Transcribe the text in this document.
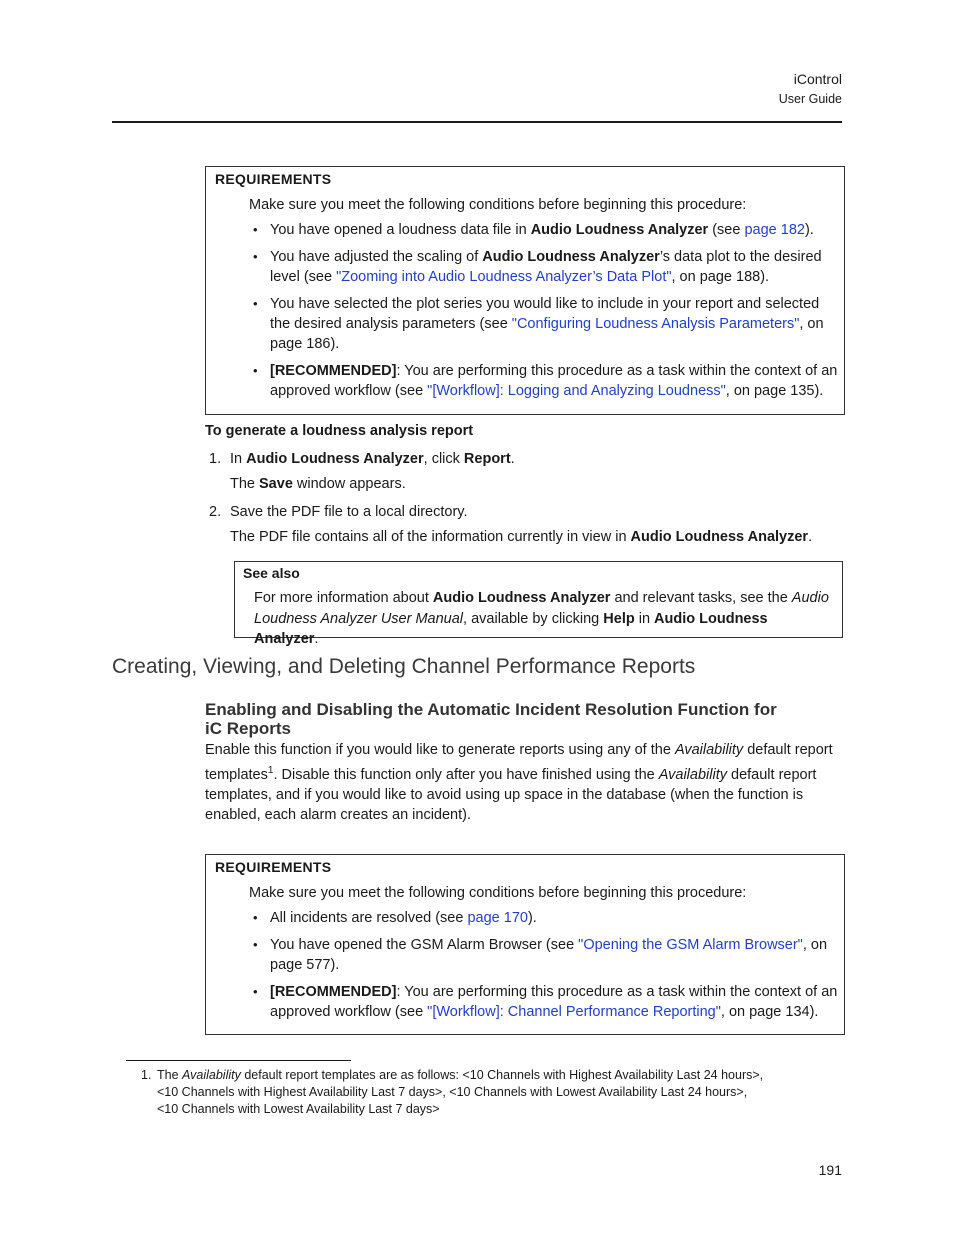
iControl
User Guide
REQUIREMENTS
Make sure you meet the following conditions before beginning this procedure:
• You have opened a loudness data file in Audio Loudness Analyzer (see page 182).
• You have adjusted the scaling of Audio Loudness Analyzer’s data plot to the desired level (see "Zooming into Audio Loudness Analyzer’s Data Plot", on page 188).
• You have selected the plot series you would like to include in your report and selected the desired analysis parameters (see "Configuring Loudness Analysis Parameters", on page 186).
• [RECOMMENDED]: You are performing this procedure as a task within the context of an approved workflow (see "[Workflow]: Logging and Analyzing Loudness", on page 135).
To generate a loudness analysis report
1. In Audio Loudness Analyzer, click Report.
The Save window appears.
2. Save the PDF file to a local directory.
The PDF file contains all of the information currently in view in Audio Loudness Analyzer.
See also
For more information about Audio Loudness Analyzer and relevant tasks, see the Audio Loudness Analyzer User Manual, available by clicking Help in Audio Loudness Analyzer.
Creating, Viewing, and Deleting Channel Performance Reports
Enabling and Disabling the Automatic Incident Resolution Function for
iC Reports
Enable this function if you would like to generate reports using any of the Availability default report templates$^1$. Disable this function only after you have finished using the Availability default report templates, and if you would like to avoid using up space in the database (when the function is enabled, each alarm creates an incident).
REQUIREMENTS
Make sure you meet the following conditions before beginning this procedure:
• All incidents are resolved (see page 170).
• You have opened the GSM Alarm Browser (see "Opening the GSM Alarm Browser", on page 577).
• [RECOMMENDED]: You are performing this procedure as a task within the context of an approved workflow (see "[Workflow]: Channel Performance Reporting", on page 134).
1. The Availability default report templates are as follows: <10 Channels with Highest Availability Last 24 hours>,
<10 Channels with Highest Availability Last 7 days>, <10 Channels with Lowest Availability Last 24 hours>,
<10 Channels with Lowest Availability Last 7 days>
191
